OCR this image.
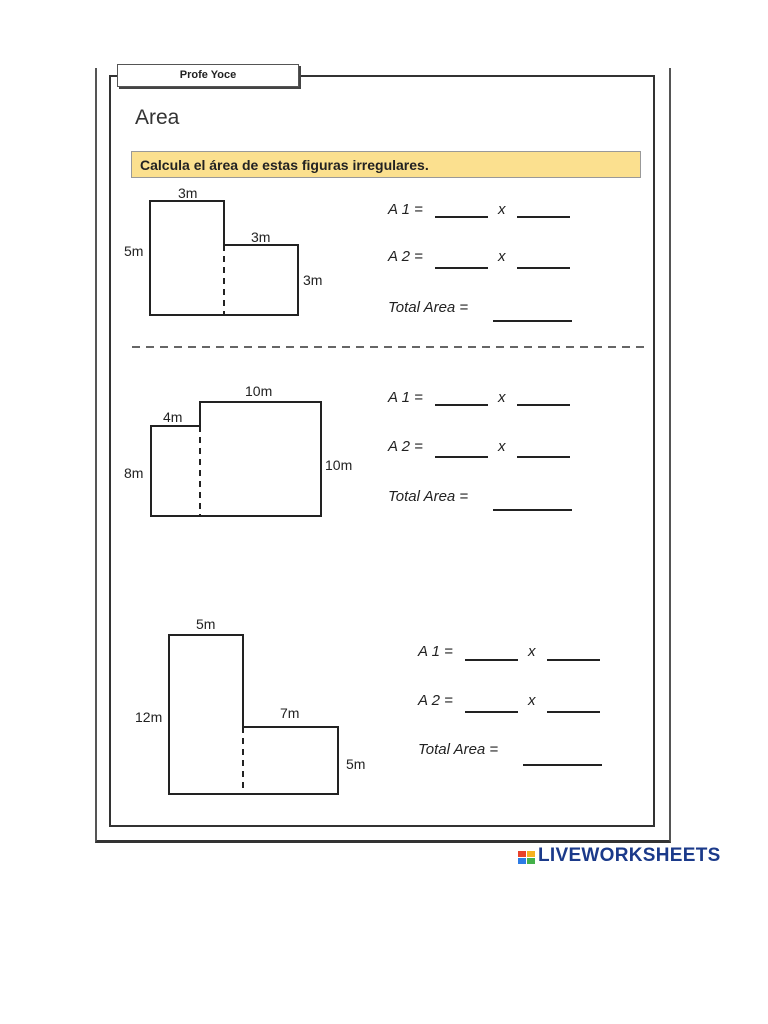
Profe Yoce
Area
Calcula el área de estas figuras irregulares.
3m
5m
3m
3m
A 1 =	x
A 2 =	x
Total Area =
10m
4m
8m	10m
A 1 =	x
A 2 =	x
Total Area =
5m
12m	7m
5m
A 1 =	x
A 2 =	x
Total Area =
LIVEWORKSHEETS
